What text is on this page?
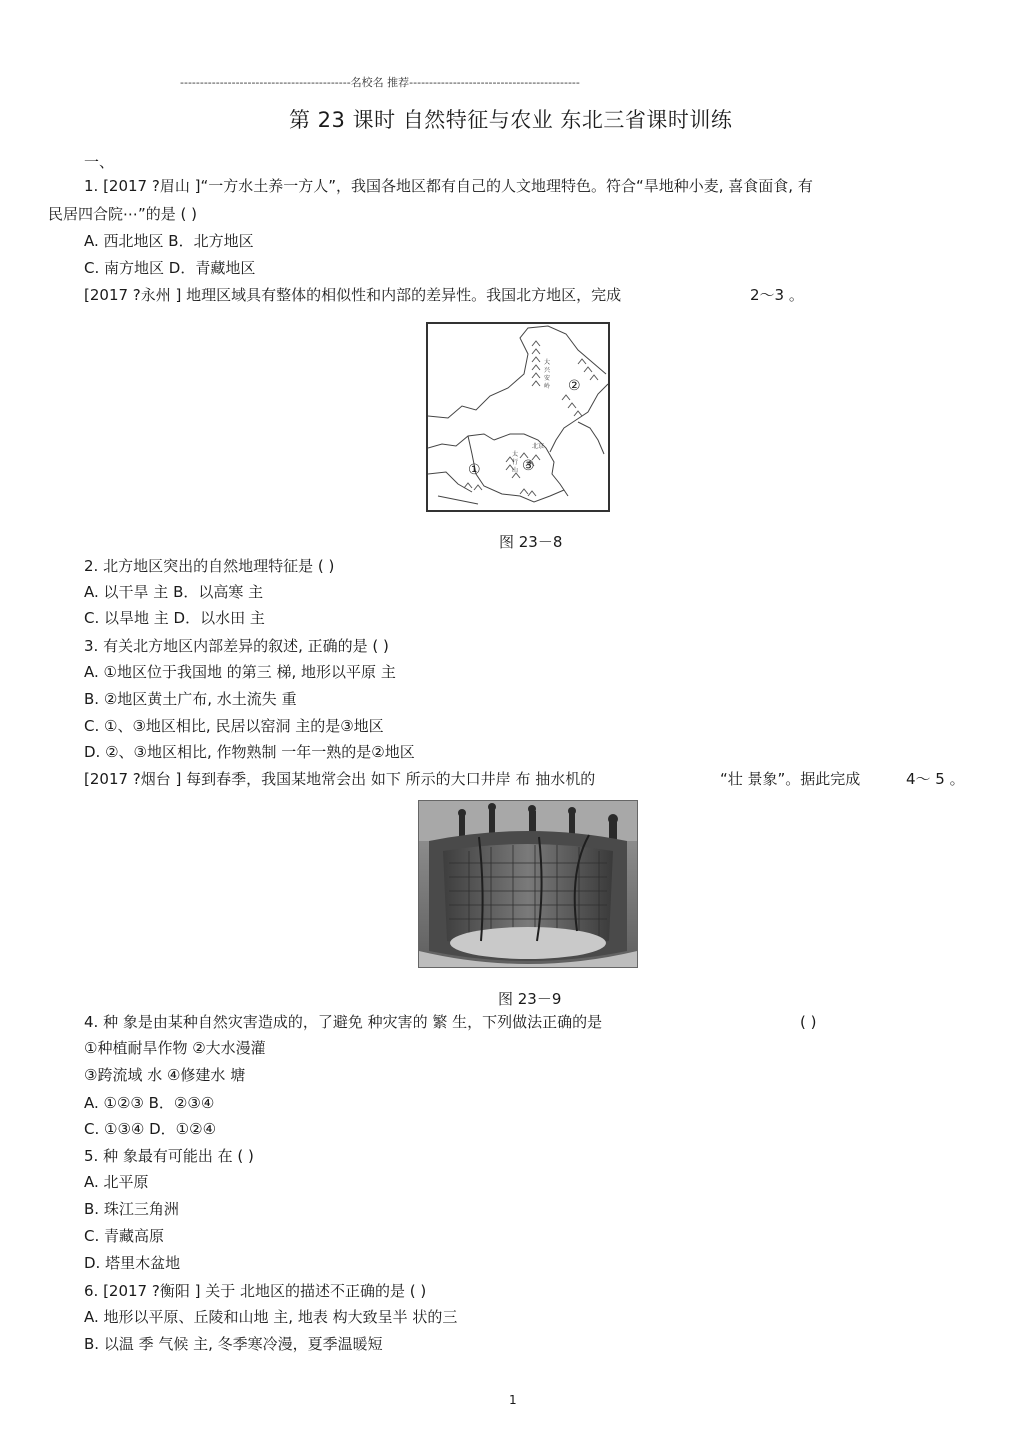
-------------------------------------------名校名 推荐-------------------------------------------
第 23 课时 自然特征与农业 东北三省课时训练
一、
1. [2017 ?眉山 ]“一方水土养一方人”，我国各地区都有自己的人文地理特色。符合“旱地种小麦, 喜食面食, 有
民居四合院⋯”的是 ( )
A. 西北地区 B．北方地区
C. 南方地区 D．青藏地区
[2017 ?永州 ] 地理区域具有整体的相似性和内部的差异性。我国北方地区，完成	2～3 。
大
兴
安
岭
太
行
山
北京
②
①	③
图 23－8
2. 北方地区突出的自然地理特征是 ( )
A. 以干旱 主 B．以高寒 主
C. 以旱地 主 D．以水田 主
3. 有关北方地区内部差异的叙述, 正确的是 ( )
A. ①地区位于我国地 的第三 梯, 地形以平原 主
B. ②地区黄土广布, 水土流失 重
C. ①、③地区相比, 民居以窑洞 主的是③地区
D. ②、③地区相比, 作物熟制 一年一熟的是②地区
[2017 ?烟台 ] 每到春季，我国某地常会出 如下 所示的大口井岸 布 抽水机的	“壮 景象”。据此完成	4～ 5 。
图 23－9
4. 种 象是由某种自然灾害造成的，了避免 种灾害的 繁 生，下列做法正确的是	( )
①种植耐旱作物 ②大水漫灌
③跨流域 水 ④修建水 塘
A. ①②③ B．②③④
C. ①③④ D．①②④
5. 种 象最有可能出 在 ( )
A. 北平原
B. 珠江三角洲
C. 青藏高原
D. 塔里木盆地
6. [2017 ?衡阳 ] 关于 北地区的描述不正确的是 ( )
A. 地形以平原、丘陵和山地 主, 地表 构大致呈半 状的三
B. 以温 季 气候 主, 冬季寒冷漫，夏季温暖短
1
